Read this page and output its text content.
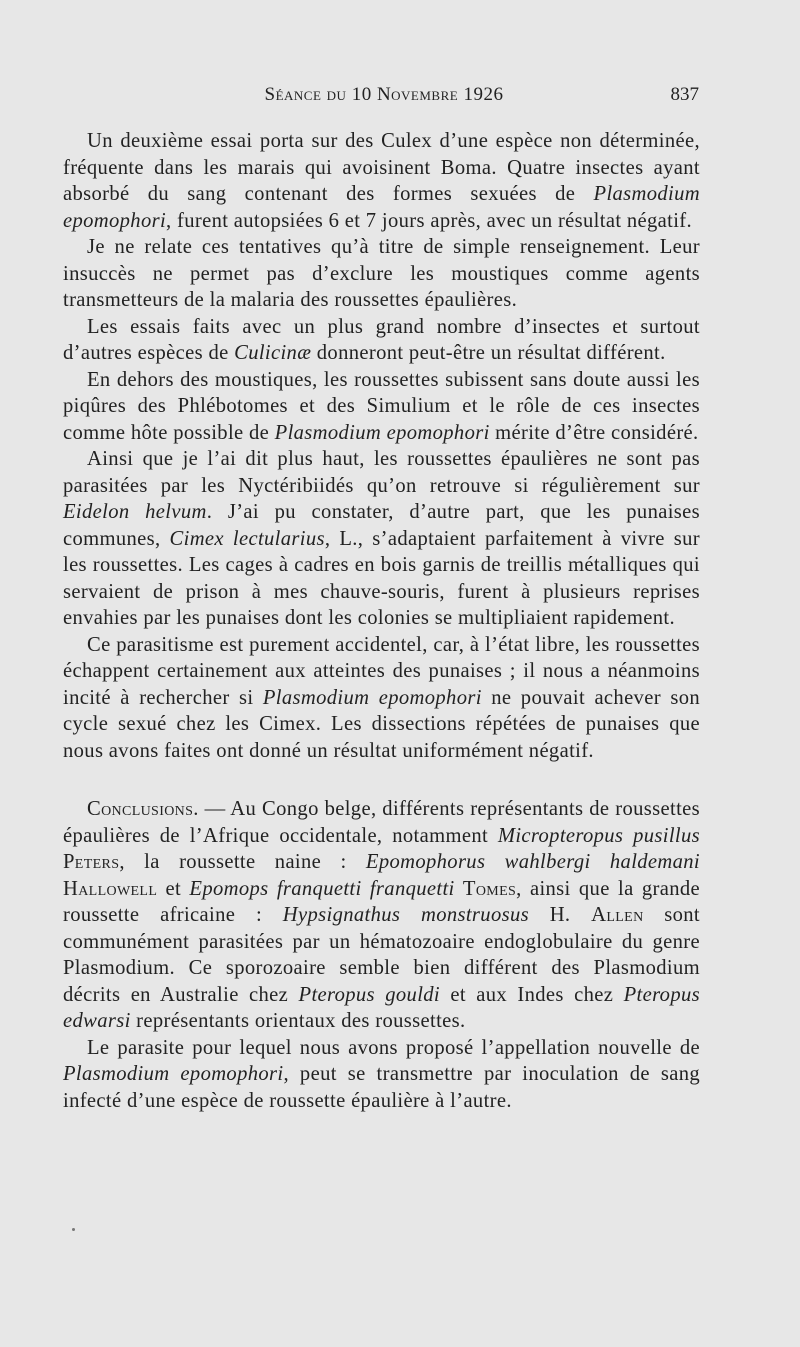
Séance du 10 Novembre 1926	837

Un deuxième essai porta sur des Culex d’une espèce non déterminée, fréquente dans les marais qui avoisinent Boma. Quatre insectes ayant absorbé du sang contenant des formes sexuées de Plasmodium epomophori, furent autopsiées 6 et 7 jours après, avec un résultat négatif.

Je ne relate ces tentatives qu’à titre de simple renseignement. Leur insuccès ne permet pas d’exclure les moustiques comme agents transmetteurs de la malaria des roussettes épaulières.

Les essais faits avec un plus grand nombre d’insectes et surtout d’autres espèces de Culicinæ donneront peut-être un résultat différent.

En dehors des moustiques, les roussettes subissent sans doute aussi les piqûres des Phlébotomes et des Simulium et le rôle de ces insectes comme hôte possible de Plasmodium epomophori mérite d’être considéré.

Ainsi que je l’ai dit plus haut, les roussettes épaulières ne sont pas parasitées par les Nyctéribiidés qu’on retrouve si régulièrement sur Eidelon helvum. J’ai pu constater, d’autre part, que les punaises communes, Cimex lectularius, L., s’adaptaient parfaitement à vivre sur les roussettes. Les cages à cadres en bois garnis de treillis métalliques qui servaient de prison à mes chauve-souris, furent à plusieurs reprises envahies par les punaises dont les colonies se multipliaient rapidement.

Ce parasitisme est purement accidentel, car, à l’état libre, les roussettes échappent certainement aux atteintes des punaises ; il nous a néanmoins incité à rechercher si Plasmodium epomophori ne pouvait achever son cycle sexué chez les Cimex. Les dissections répétées de punaises que nous avons faites ont donné un résultat uniformément négatif.

Conclusions. — Au Congo belge, différents représentants de roussettes épaulières de l’Afrique occidentale, notamment Micropteropus pusillus Peters, la roussette naine : Epomophorus wahlbergi haldemani Hallowell et Epomops franquetti franquetti Tomes, ainsi que la grande roussette africaine : Hypsignathus monstruosus H. Allen sont communément parasitées par un hématozoaire endoglobulaire du genre Plasmodium. Ce sporozoaire semble bien différent des Plasmodium décrits en Australie chez Pteropus gouldi et aux Indes chez Pteropus edwarsi représentants orientaux des roussettes.

Le parasite pour lequel nous avons proposé l’appellation nouvelle de Plasmodium epomophori, peut se transmettre par inoculation de sang infecté d’une espèce de roussette épaulière à l’autre.
